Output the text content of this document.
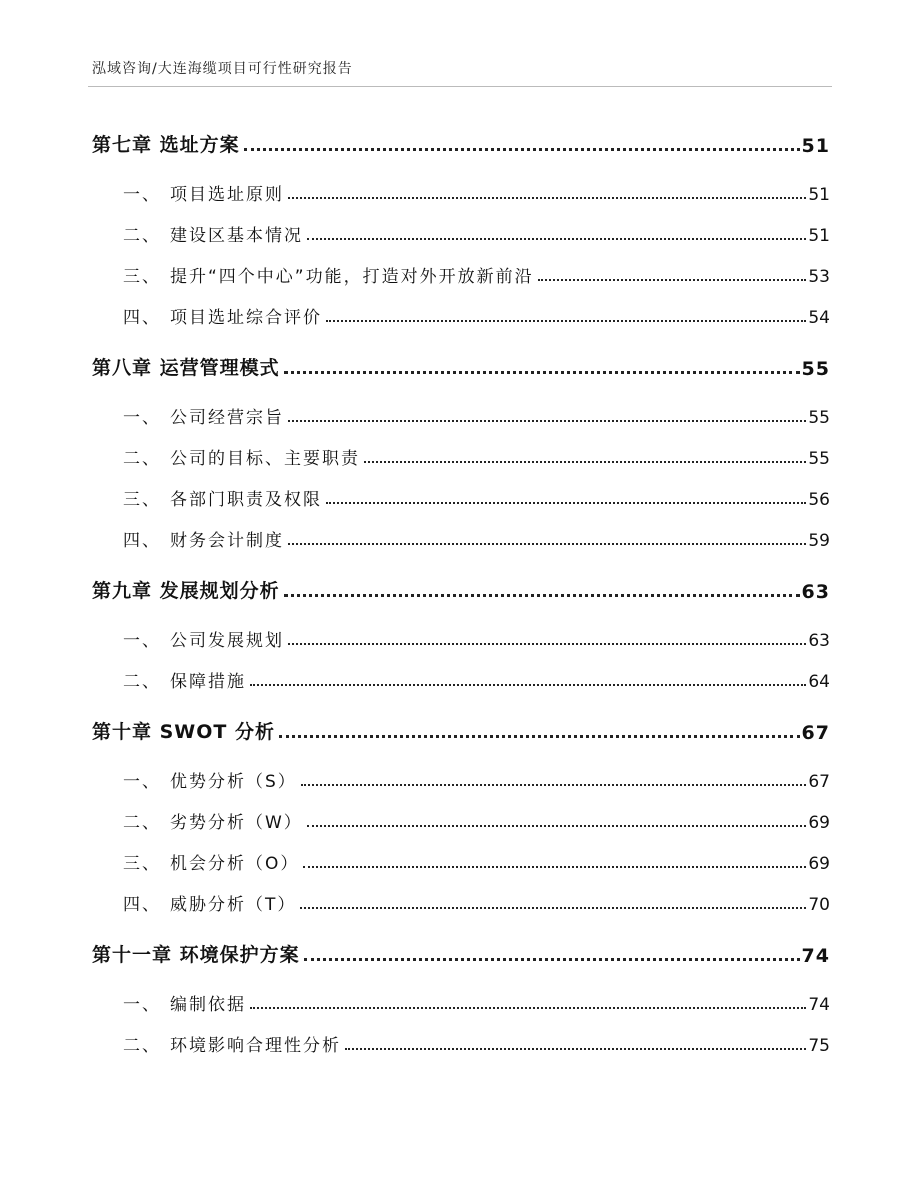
泓域咨询/大连海缆项目可行性研究报告
第七章 选址方案	51
一、 项目选址原则	51
二、 建设区基本情况	51
三、 提升“四个中心”功能，打造对外开放新前沿	53
四、 项目选址综合评价	54
第八章 运营管理模式	55
一、 公司经营宗旨	55
二、 公司的目标、主要职责	55
三、 各部门职责及权限	56
四、 财务会计制度	59
第九章 发展规划分析	63
一、 公司发展规划	63
二、 保障措施	64
第十章 SWOT 分析	67
一、 优势分析（S）	67
二、 劣势分析（W）	69
三、 机会分析（O）	69
四、 威胁分析（T）	70
第十一章 环境保护方案	74
一、 编制依据	74
二、 环境影响合理性分析	75
